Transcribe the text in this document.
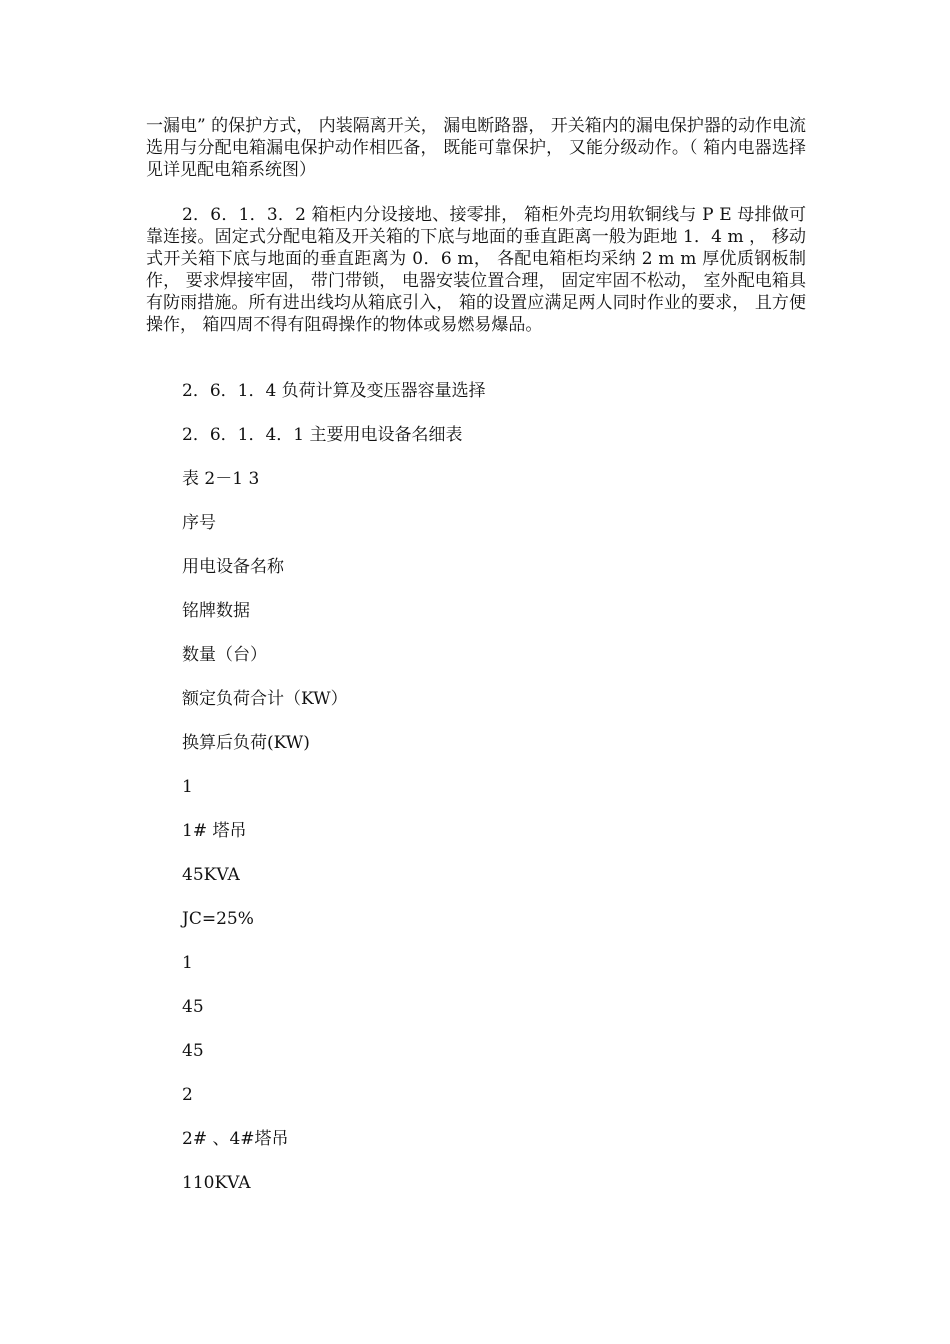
一漏电” 的保护方式， 内装隔离开关， 漏电断路器， 开关箱内的漏电保护器的动作电流选用与分配电箱漏电保护动作相匹备， 既能可靠保护， 又能分级动作。（ 箱内电器选择见详见配电箱系统图）

2．6．1．3．2 箱柜内分设接地、接零排， 箱柜外壳均用软铜线与 P E 母排做可靠连接。固定式分配电箱及开关箱的下底与地面的垂直距离一般为距地 1．4 m ， 移动式开关箱下底与地面的垂直距离为 0．6 m， 各配电箱柜均采纳 2 m m 厚优质钢板制作， 要求焊接牢固， 带门带锁， 电器安装位置合理， 固定牢固不松动， 室外配电箱具有防雨措施。所有进出线均从箱底引入， 箱的设置应满足两人同时作业的要求， 且方便操作， 箱四周不得有阻碍操作的物体或易燃易爆品。

2．6．1．4 负荷计算及变压器容量选择

2．6．1．4．1 主要用电设备名细表

表 2－1 3

序号

用电设备名称

铭牌数据

数量（台）

额定负荷合计（KW）

换算后负荷(KW)

1

1# 塔吊

45KVA

JC=25%

1

45

45

2

2# 、4#塔吊

110KVA
